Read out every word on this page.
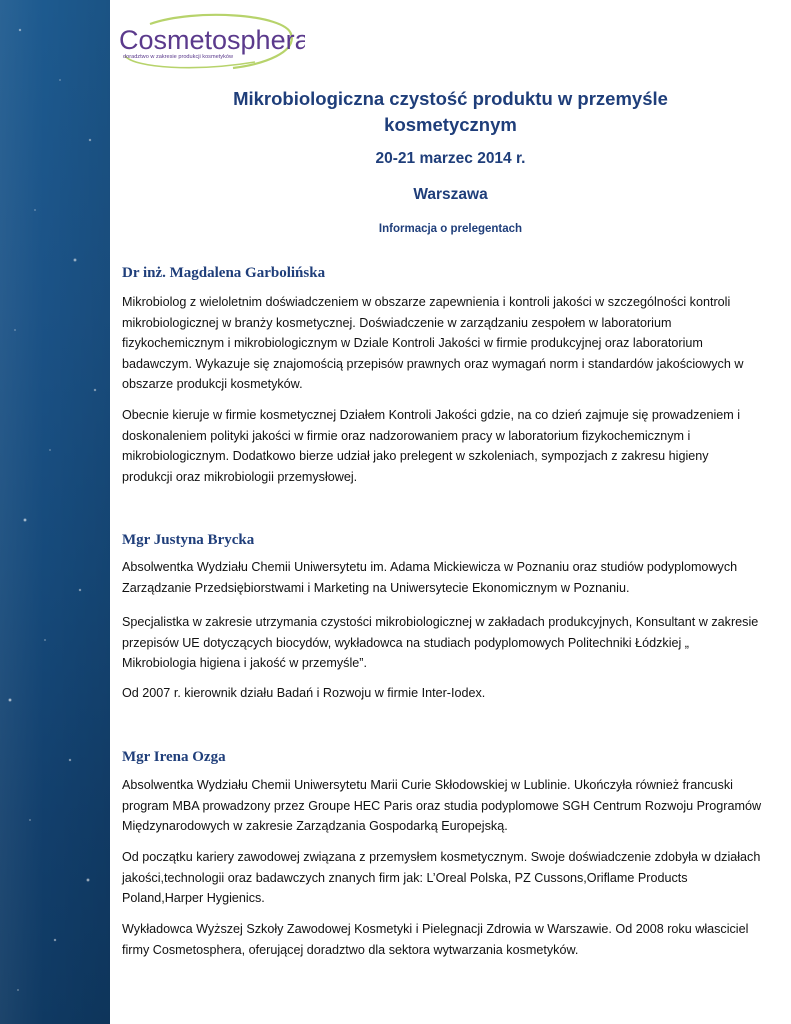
Cosmetosphera
doradztwo w zakresie produkcji kosmetyków
Mikrobiologiczna czystość produktu w przemyśle
kosmetycznym
20-21 marzec 2014 r.
Warszawa
Informacja o prelegentach
Dr inż. Magdalena Garbolińska

Mikrobiolog z wieloletnim doświadczeniem w obszarze zapewnienia i kontroli jakości w szczególności kontroli mikrobiologicznej w branży kosmetycznej. Doświadczenie w zarządzaniu zespołem w laboratorium fizykochemicznym i mikrobiologicznym w Dziale Kontroli Jakości w firmie produkcyjnej oraz laboratorium badawczym. Wykazuje się znajomością przepisów prawnych oraz wymagań norm i standardów jakościowych w obszarze produkcji kosmetyków.

Obecnie kieruje w firmie kosmetycznej Działem Kontroli Jakości gdzie, na co dzień zajmuje się prowadzeniem i doskonaleniem polityki jakości w firmie oraz nadzorowaniem pracy w laboratorium fizykochemicznym i mikrobiologicznym. Dodatkowo bierze udział jako prelegent w szkoleniach, sympozjach z zakresu higieny produkcji oraz mikrobiologii przemysłowej.

Mgr Justyna Brycka

Absolwentka Wydziału Chemii Uniwersytetu im. Adama Mickiewicza w Poznaniu oraz studiów podyplomowych Zarządzanie Przedsiębiorstwami i Marketing na Uniwersytecie Ekonomicznym w Poznaniu.

Specjalistka w zakresie utrzymania czystości mikrobiologicznej w zakładach produkcyjnych, Konsultant w zakresie przepisów UE dotyczących biocydów, wykładowca na studiach podyplomowych Politechniki Łódzkiej „ Mikrobiologia higiena i jakość w przemyśle”.

Od 2007 r. kierownik działu Badań i Rozwoju w firmie Inter-Iodex.

Mgr Irena Ozga

Absolwentka Wydziału Chemii Uniwersytetu Marii Curie Skłodowskiej w Lublinie. Ukończyła również francuski program MBA prowadzony przez Groupe HEC Paris oraz studia podyplomowe SGH Centrum Rozwoju Programów Międzynarodowych w zakresie Zarządzania Gospodarką Europejską.

Od początku kariery zawodowej związana z przemysłem kosmetycznym. Swoje doświadczenie zdobyła w działach jakości,technologii oraz badawczych znanych firm jak: L’Oreal Polska, PZ Cussons,Oriflame Products Poland,Harper Hygienics.

Wykładowca Wyższej Szkoły Zawodowej Kosmetyki i Pielegnacji Zdrowia w Warszawie. Od 2008 roku własciciel firmy Cosmetosphera, oferującej doradztwo dla sektora wytwarzania kosmetyków.
